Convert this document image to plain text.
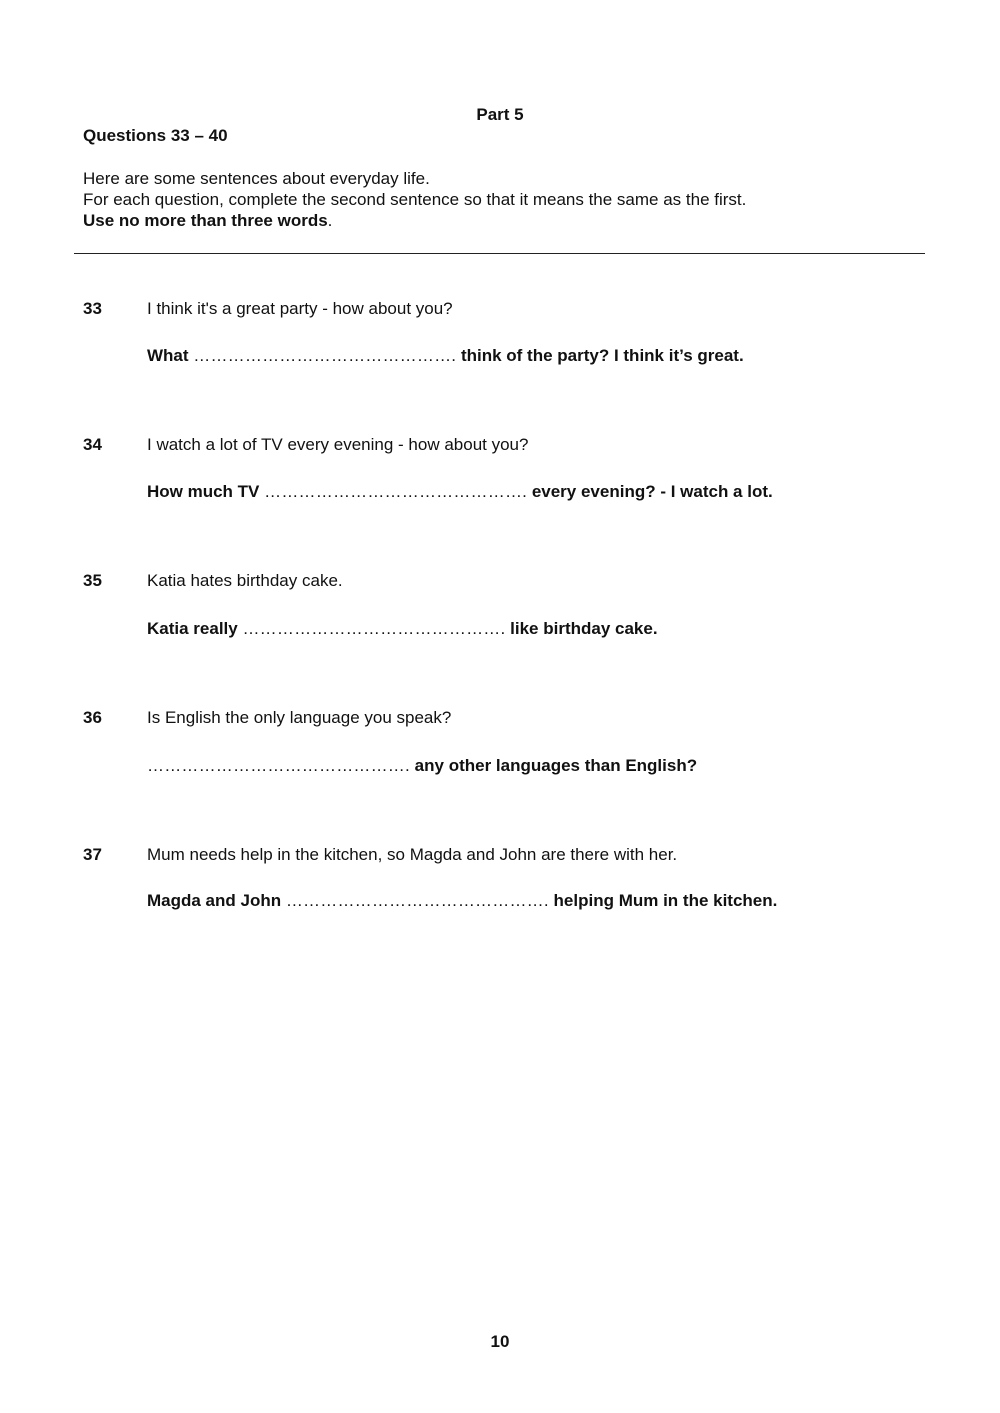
Part 5
Questions 33 – 40
Here are some sentences about everyday life.
For each question, complete the second sentence so that it means the same as the first.
Use no more than three words.
33	I think it's a great party - how about you?
What ………………………………………. think of the party? I think it’s great.
34	I watch a lot of TV every evening - how about you?
How much TV ………………………………………. every evening? - I watch a lot.
35	Katia hates birthday cake.
Katia really ………………………………………. like birthday cake.
36	Is English the only language you speak?
………………………………………. any other languages than English?
37	Mum needs help in the kitchen, so Magda and John are there with her.
Magda and John ………………………………………. helping Mum in the kitchen.
10
